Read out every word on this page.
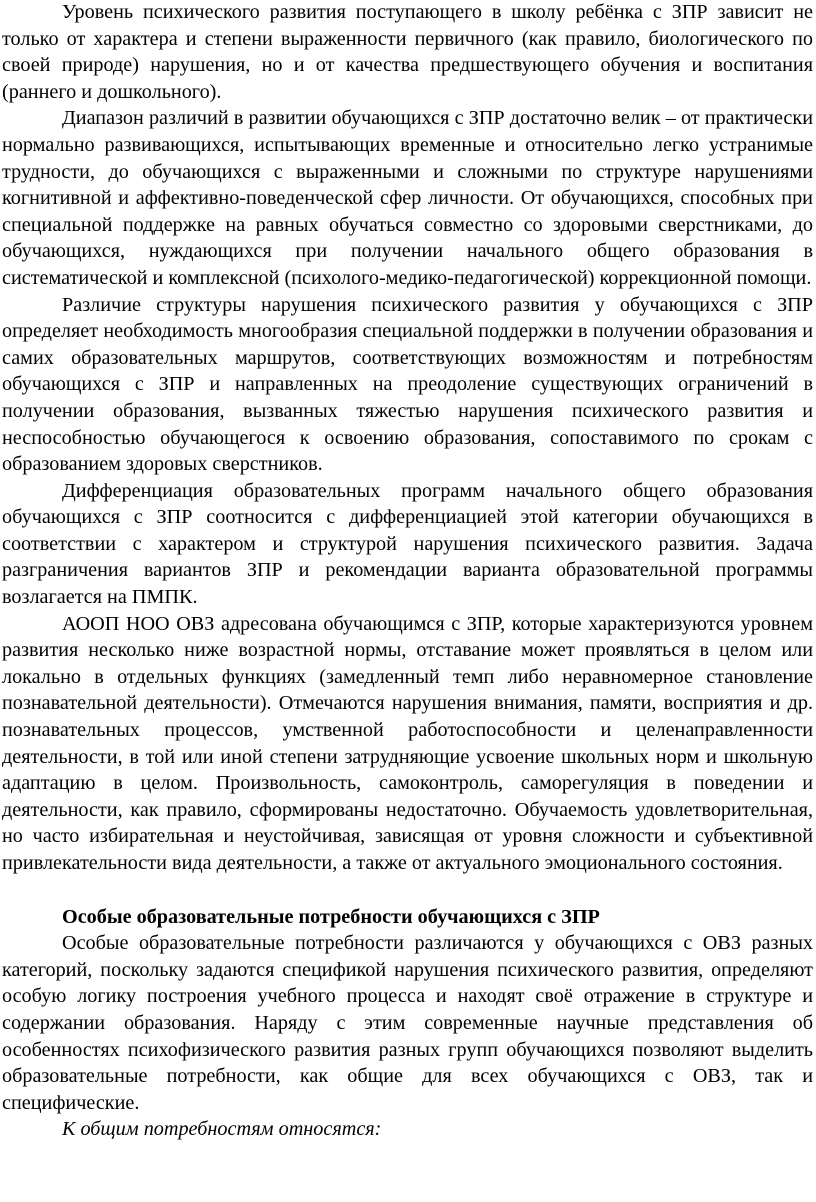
Уровень психического развития поступающего в школу ребёнка с ЗПР зависит не только от характера и степени выраженности первичного (как правило, биологического по своей природе) нарушения, но и от качества предшествующего обучения и воспитания (раннего и дошкольного).

Диапазон различий в развитии обучающихся с ЗПР достаточно велик – от практически нормально развивающихся, испытывающих временные и относительно легко устранимые трудности, до обучающихся с выраженными и сложными по структуре нарушениями когнитивной и аффективно-поведенческой сфер личности. От обучающихся, способных при специальной поддержке на равных обучаться совместно со здоровыми сверстниками, до обучающихся, нуждающихся при получении начального общего образования в систематической и комплексной (психолого-медико-педагогической) коррекционной помощи.

Различие структуры нарушения психического развития у обучающихся с ЗПР определяет необходимость многообразия специальной поддержки в получении образования и самих образовательных маршрутов, соответствующих возможностям и потребностям обучающихся с ЗПР и направленных на преодоление существующих ограничений в получении образования, вызванных тяжестью нарушения психического развития и неспособностью обучающегося к освоению образования, сопоставимого по срокам с образованием здоровых сверстников.

Дифференциация образовательных программ начального общего образования обучающихся с ЗПР соотносится с дифференциацией этой категории обучающихся в соответствии с характером и структурой нарушения психического развития. Задача разграничения вариантов ЗПР и рекомендации варианта образовательной программы возлагается на ПМПК.

АООП НОО ОВЗ адресована обучающимся с ЗПР, которые характеризуются уровнем развития несколько ниже возрастной нормы, отставание может проявляться в целом или локально в отдельных функциях (замедленный темп либо неравномерное становление познавательной деятельности). Отмечаются нарушения внимания, памяти, восприятия и др. познавательных процессов, умственной работоспособности и целенаправленности деятельности, в той или иной степени затрудняющие усвоение школьных норм и школьную адаптацию в целом. Произвольность, самоконтроль, саморегуляция в поведении и деятельности, как правило, сформированы недостаточно. Обучаемость удовлетворительная, но часто избирательная и неустойчивая, зависящая от уровня сложности и субъективной привлекательности вида деятельности, а также от актуального эмоционального состояния.

Особые образовательные потребности обучающихся с ЗПР

Особые образовательные потребности различаются у обучающихся с ОВЗ разных категорий, поскольку задаются спецификой нарушения психического развития, определяют особую логику построения учебного процесса и находят своё отражение в структуре и содержании образования. Наряду с этим современные научные представления об особенностях психофизического развития разных групп обучающихся позволяют выделить образовательные потребности, как общие для всех обучающихся с ОВЗ, так и специфические.

К общим потребностям относятся:
